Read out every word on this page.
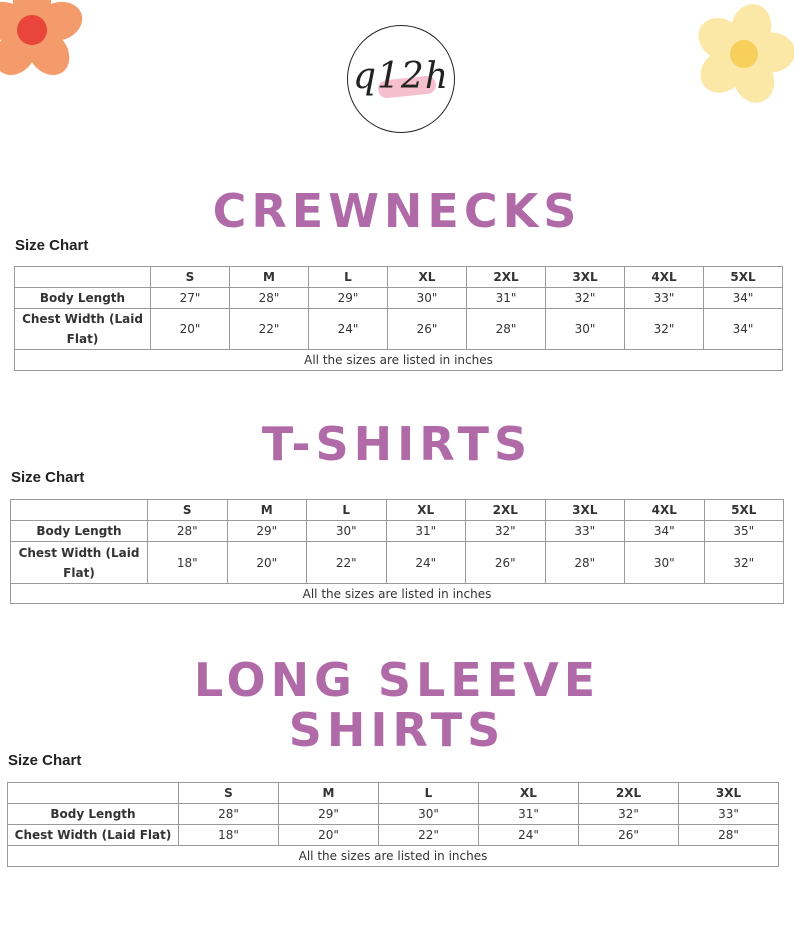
q12h
CREWNECKS
Size Chart
	S	M	L	XL	2XL	3XL	4XL	5XL
Body Length	27"	28"	29"	30"	31"	32"	33"	34"
Chest Width (Laid Flat)	20"	22"	24"	26"	28"	30"	32"	34"
All the sizes are listed in inches								
T-SHIRTS
Size Chart
	S	M	L	XL	2XL	3XL	4XL	5XL
Body Length	28"	29"	30"	31"	32"	33"	34"	35"
Chest Width (Laid Flat)	18"	20"	22"	24"	26"	28"	30"	32"
All the sizes are listed in inches								
LONG SLEEVE
SHIRTS
Size Chart
	S	M	L	XL	2XL	3XL
Body Length	28"	29"	30"	31"	32"	33"
Chest Width (Laid Flat)	18"	20"	22"	24"	26"	28"
All the sizes are listed in inches						
